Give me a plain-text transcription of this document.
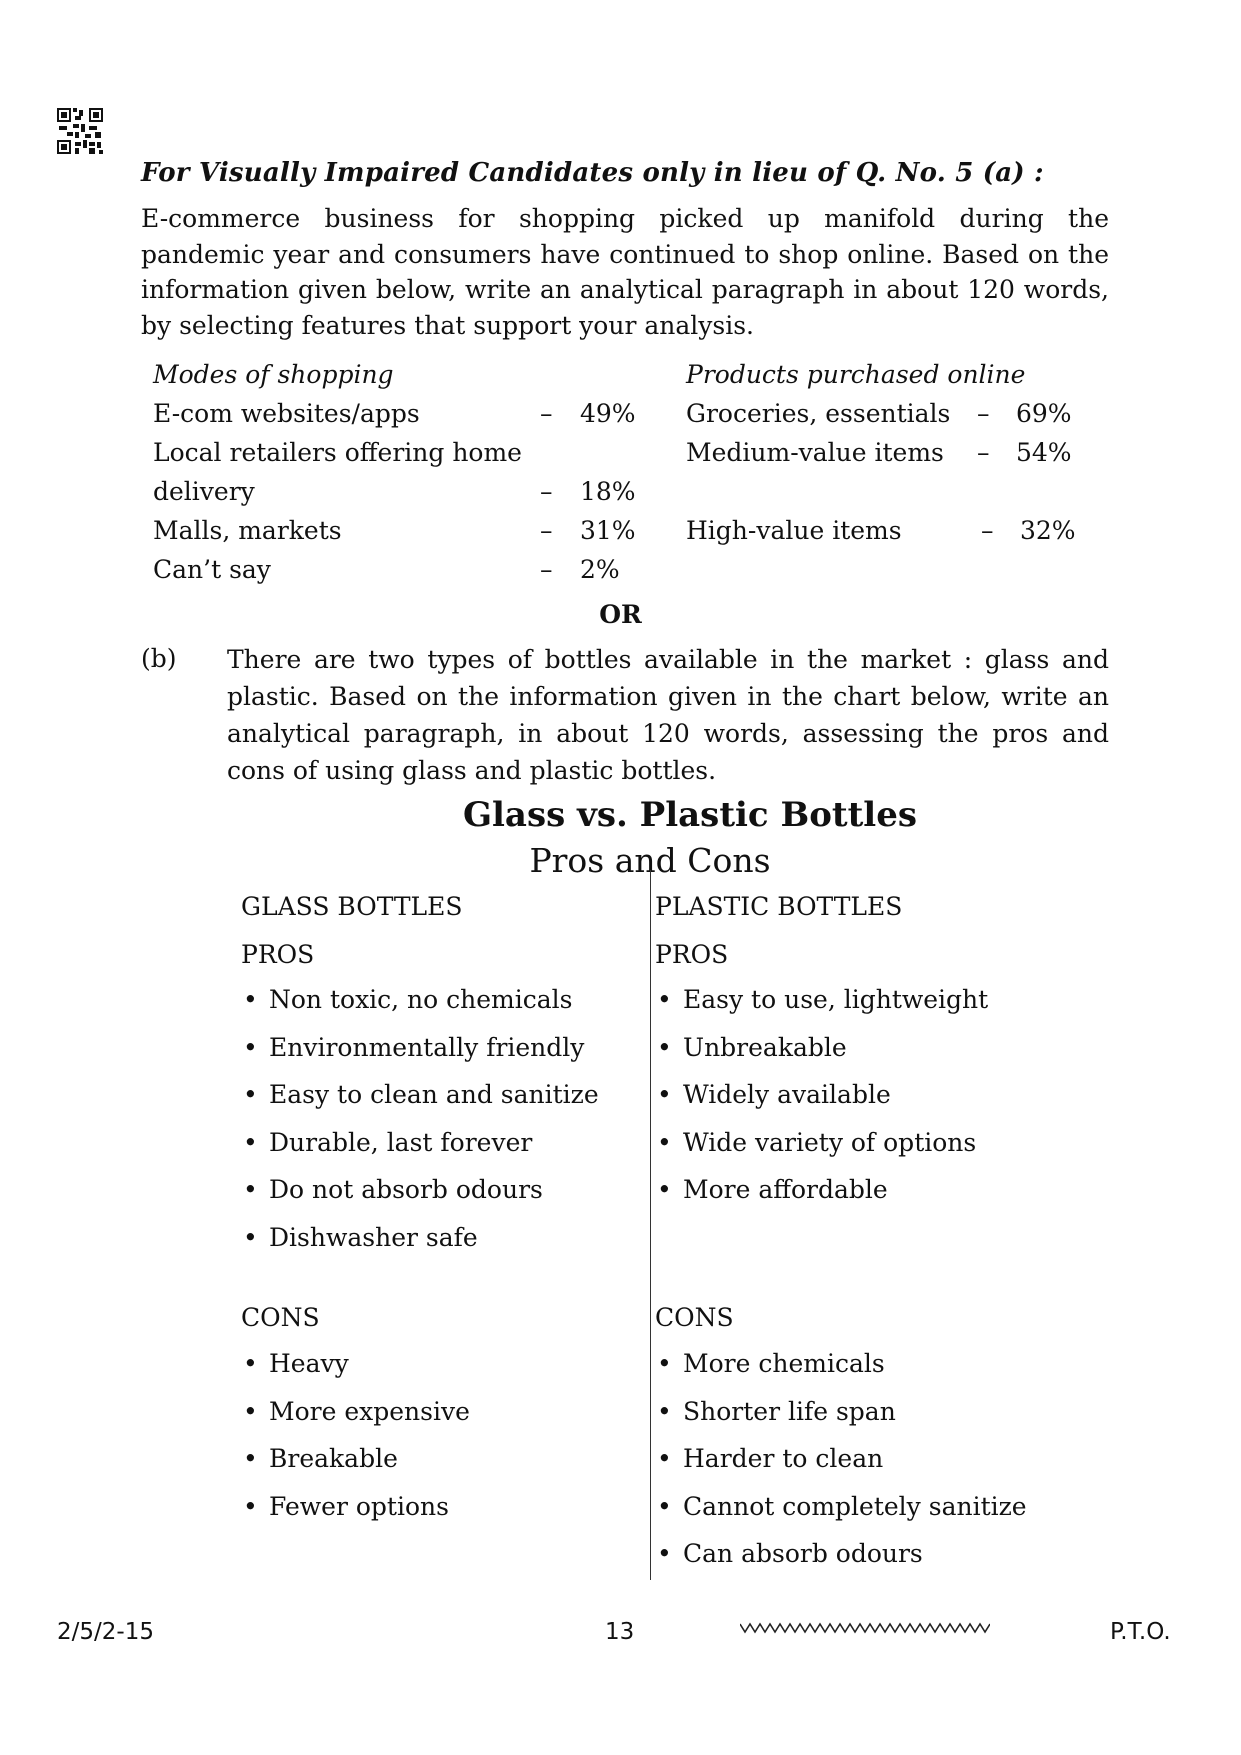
For Visually Impaired Candidates only in lieu of Q. No. 5 (a) :
E-commerce business for shopping picked up manifold during the pandemic year and consumers have continued to shop online. Based on the information given below, write an analytical paragraph in about 120 words, by selecting features that support your analysis.
Modes of shopping
E-com websites/apps	– 49%
Local retailers offering home
delivery	– 18%
Malls, markets	– 31%
Can’t say	– 2%
Products purchased online
Groceries, essentials – 69%
Medium-value items – 54%
High-value items	– 32%
OR
(b) There are two types of bottles available in the market : glass and plastic. Based on the information given in the chart below, write an analytical paragraph, in about 120 words, assessing the pros and cons of using glass and plastic bottles.
Glass vs. Plastic Bottles
Pros and Cons
GLASS BOTTLES
PROS
• Non toxic, no chemicals
• Environmentally friendly
• Easy to clean and sanitize
• Durable, last forever
• Do not absorb odours
• Dishwasher safe
CONS
• Heavy
• More expensive
• Breakable
• Fewer options
PLASTIC BOTTLES
PROS
• Easy to use, lightweight
• Unbreakable
• Widely available
• Wide variety of options
• More affordable
CONS
• More chemicals
• Shorter life span
• Harder to clean
• Cannot completely sanitize
• Can absorb odours
2/5/2-15	13	P.T.O.
